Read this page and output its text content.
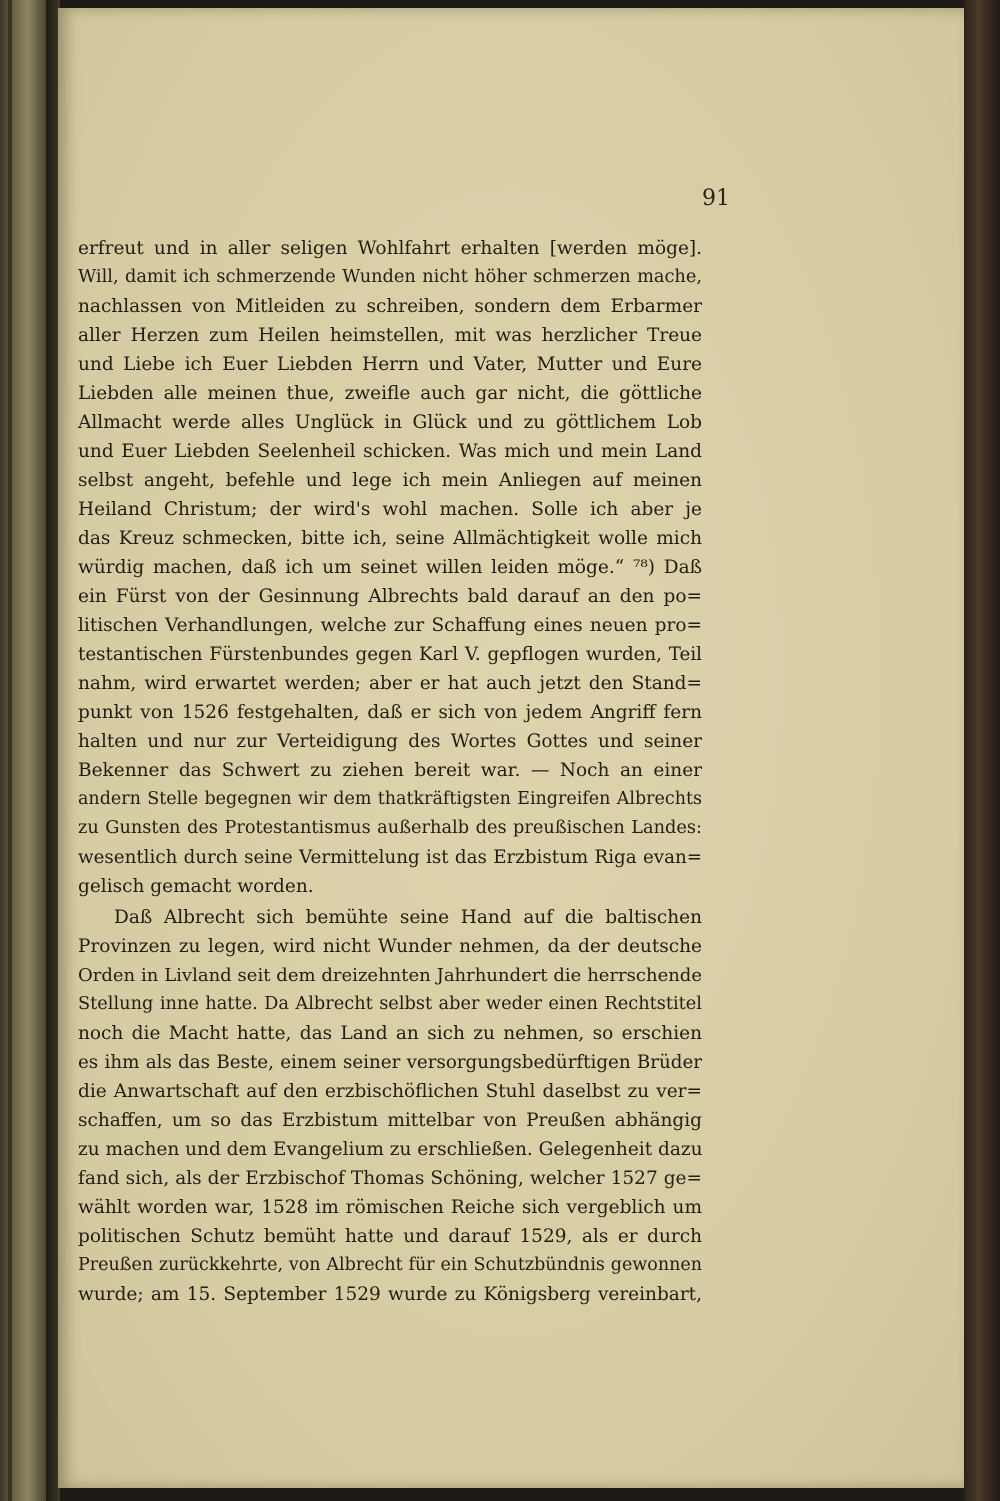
91

erfreut und in aller seligen Wohlfahrt erhalten [werden möge].
Will, damit ich schmerzende Wunden nicht höher schmerzen mache,
nachlassen von Mitleiden zu schreiben, sondern dem Erbarmer
aller Herzen zum Heilen heimstellen, mit was herzlicher Treue
und Liebe ich Euer Liebden Herrn und Vater, Mutter und Eure
Liebden alle meinen thue, zweifle auch gar nicht, die göttliche
Allmacht werde alles Unglück in Glück und zu göttlichem Lob
und Euer Liebden Seelenheil schicken. Was mich und mein Land
selbst angeht, befehle und lege ich mein Anliegen auf meinen
Heiland Christum; der wird's wohl machen. Solle ich aber je
das Kreuz schmecken, bitte ich, seine Allmächtigkeit wolle mich
würdig machen, daß ich um seinet willen leiden möge.“ ⁷⁸) Daß
ein Fürst von der Gesinnung Albrechts bald darauf an den po=
litischen Verhandlungen, welche zur Schaffung eines neuen pro=
testantischen Fürstenbundes gegen Karl V. gepflogen wurden, Teil
nahm, wird erwartet werden; aber er hat auch jetzt den Stand=
punkt von 1526 festgehalten, daß er sich von jedem Angriff fern
halten und nur zur Verteidigung des Wortes Gottes und seiner
Bekenner das Schwert zu ziehen bereit war. — Noch an einer
andern Stelle begegnen wir dem thatkräftigsten Eingreifen Albrechts
zu Gunsten des Protestantismus außerhalb des preußischen Landes:
wesentlich durch seine Vermittelung ist das Erzbistum Riga evan=
gelisch gemacht worden.
Daß Albrecht sich bemühte seine Hand auf die baltischen
Provinzen zu legen, wird nicht Wunder nehmen, da der deutsche
Orden in Livland seit dem dreizehnten Jahrhundert die herrschende
Stellung inne hatte. Da Albrecht selbst aber weder einen Rechtstitel
noch die Macht hatte, das Land an sich zu nehmen, so erschien
es ihm als das Beste, einem seiner versorgungsbedürftigen Brüder
die Anwartschaft auf den erzbischöflichen Stuhl daselbst zu ver=
schaffen, um so das Erzbistum mittelbar von Preußen abhängig
zu machen und dem Evangelium zu erschließen. Gelegenheit dazu
fand sich, als der Erzbischof Thomas Schöning, welcher 1527 ge=
wählt worden war, 1528 im römischen Reiche sich vergeblich um
politischen Schutz bemüht hatte und darauf 1529, als er durch
Preußen zurückkehrte, von Albrecht für ein Schutzbündnis gewonnen
wurde; am 15. September 1529 wurde zu Königsberg vereinbart,
